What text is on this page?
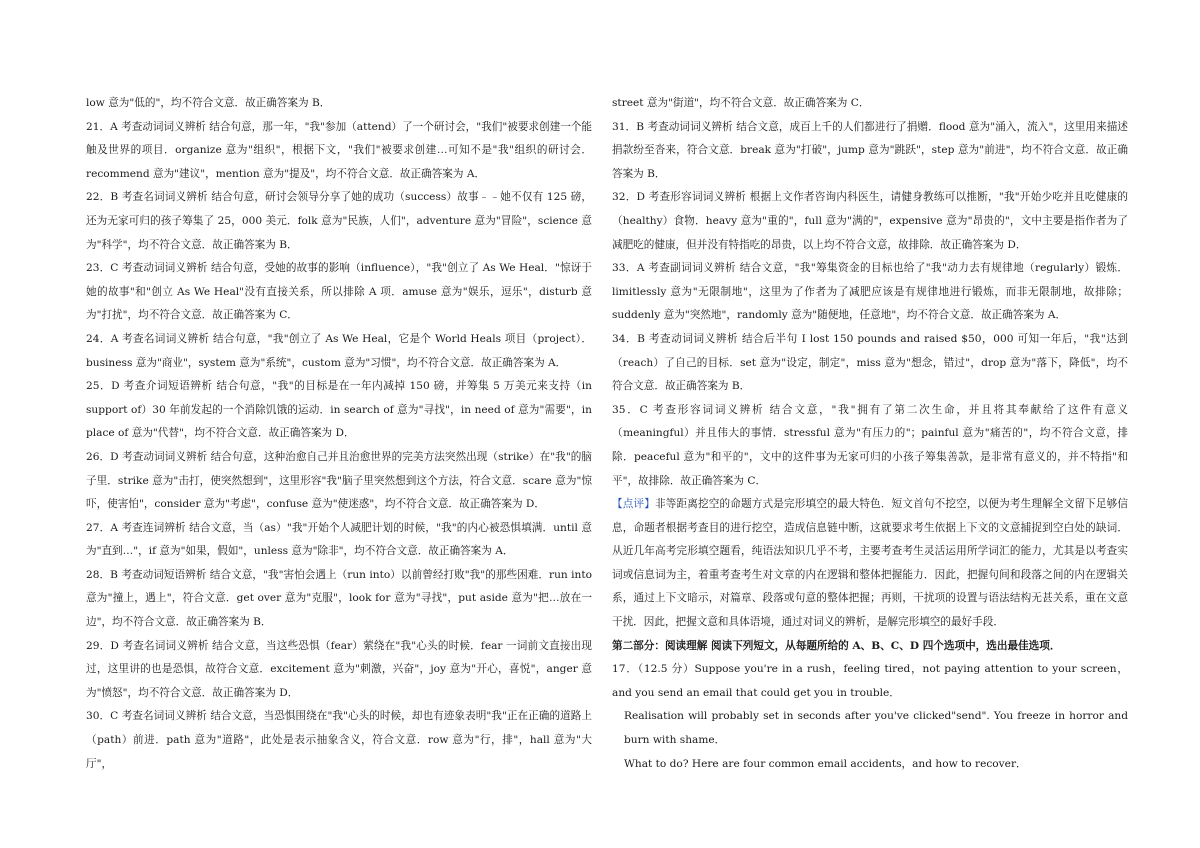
low 意为"低的"，均不符合文意．故正确答案为 B．

21．A 考查动词词义辨析 结合句意，那一年，"我"参加（attend）了一个研讨会，"我们"被要求创建一个能触及世界的项目．organize 意为"组织"，根据下文，"我们"被要求创建…可知不是"我"组织的研讨会．recommend 意为"建议"，mention 意为"提及"，均不符合文意．故正确答案为 A．

22．B 考查名词词义辨析 结合句意，研讨会领导分享了她的成功（success）故事﹣﹣她不仅有 125 磅，还为无家可归的孩子筹集了 25，000 美元．folk 意为"民族，人们"，adventure 意为"冒险"，science 意为"科学"，均不符合文意．故正确答案为 B．

23．C 考查动词词义辨析 结合句意，受她的故事的影响（influence），"我"创立了 As We Heal．"惊讶于她的故事"和"创立 As We Heal"没有直接关系，所以排除 A 项．amuse 意为"娱乐，逗乐"，disturb 意为"打扰"，均不符合文意．故正确答案为 C．

24．A 考查名词词义辨析 结合句意，"我"创立了 As We Heal，它是个 World Heals 项目（project）．business 意为"商业"，system 意为"系统"，custom 意为"习惯"，均不符合文意．故正确答案为 A．

25．D 考查介词短语辨析 结合句意，"我"的目标是在一年内减掉 150 磅，并筹集 5 万美元来支持（in support of）30 年前发起的一个消除饥饿的运动．in search of 意为"寻找"，in need of 意为"需要"，in place of 意为"代替"，均不符合文意．故正确答案为 D．

26．D 考查动词词义辨析 结合句意，这种治愈自己并且治愈世界的完美方法突然出现（strike）在"我"的脑子里．strike 意为"击打，使突然想到"，这里形容"我"脑子里突然想到这个方法，符合文意．scare 意为"惊吓，使害怕"，consider 意为"考虑"，confuse 意为"使迷惑"，均不符合文意．故正确答案为 D．

27．A 考查连词辨析 结合文意，当（as）"我"开始个人减肥计划的时候，"我"的内心被恐惧填满．until 意为"直到…"，if 意为"如果，假如"，unless 意为"除非"，均不符合文意．故正确答案为 A．

28．B 考查动词短语辨析 结合文意，"我"害怕会遇上（run into）以前曾经打败"我"的那些困难．run into 意为"撞上，遇上"，符合文意．get over 意为"克服"，look for 意为"寻找"，put aside 意为"把…放在一边"，均不符合文意．故正确答案为 B．

29．D 考查名词词义辨析 结合文意，当这些恐惧（fear）萦绕在"我"心头的时候．fear 一词前文直接出现过，这里讲的也是恐惧，故符合文意．excitement 意为"刺激，兴奋"，joy 意为"开心，喜悦"，anger 意为"愤怒"，均不符合文意．故正确答案为 D．

30．C 考查名词词义辨析 结合文意，当恐惧围绕在"我"心头的时候，却也有迹象表明"我"正在正确的道路上（path）前进．path 意为"道路"，此处是表示抽象含义，符合文意．row 意为"行，排"，hall 意为"大厅"，

street 意为"街道"，均不符合文意．故正确答案为 C．

31．B 考查动词词义辨析 结合文意，成百上千的人们都进行了捐赠．flood 意为"涌入，流入"，这里用来描述捐款纷至沓来，符合文意．break 意为"打破"，jump 意为"跳跃"，step 意为"前进"，均不符合文意．故正确答案为 B．

32．D 考查形容词词义辨析 根据上文作者咨询内科医生，请健身教练可以推断，"我"开始少吃并且吃健康的（healthy）食物．heavy 意为"重的"，full 意为"满的"，expensive 意为"昂贵的"，文中主要是指作者为了减肥吃的健康，但并没有特指吃的昂贵，以上均不符合文意，故排除．故正确答案为 D．

33．A 考查副词词义辨析 结合文意，"我"筹集资金的目标也给了"我"动力去有规律地（regularly）锻炼．limitlessly 意为"无限制地"，这里为了作者为了减肥应该是有规律地进行锻炼，而非无限制地，故排除；suddenly 意为"突然地"，randomly 意为"随便地，任意地"，均不符合文意．故正确答案为 A．

34．B 考查动词词义辨析 结合后半句 I lost 150 pounds and raised $50，000 可知一年后，"我"达到（reach）了自己的目标．set 意为"设定，制定"，miss 意为"想念，错过"，drop 意为"落下，降低"，均不符合文意．故正确答案为 B．

35．C 考查形容词词义辨析 结合文意，"我"拥有了第二次生命，并且将其奉献给了这件有意义（meaningful）并且伟大的事情．stressful 意为"有压力的"；painful 意为"痛苦的"，均不符合文意，排除．peaceful 意为"和平的"，文中的这件事为无家可归的小孩子筹集善款，是非常有意义的，并不特指"和平"，故排除．故正确答案为 C．

【点评】非等距离挖空的命题方式是完形填空的最大特色．短文首句不挖空，以便为考生理解全文留下足够信息，命题者根据考查目的进行挖空，造成信息链中断，这就要求考生依据上下文的文意捕捉到空白处的缺词．从近几年高考完形填空题看，纯语法知识几乎不考，主要考查考生灵活运用所学词汇的能力，尤其是以考查实词或信息词为主，着重考查考生对文章的内在逻辑和整体把握能力．因此，把握句间和段落之间的内在逻辑关系，通过上下文暗示，对篇章、段落或句意的整体把握；再则，干扰项的设置与语法结构无甚关系，重在文意干扰．因此，把握文意和具体语境，通过对词义的辨析，是解完形填空的最好手段．

第二部分：阅读理解 阅读下列短文，从每题所给的 A、B、C、D 四个选项中，选出最佳选项．

17．（12.5 分）Suppose you're in a rush，feeling tired，not paying attention to your screen，and you send an email that could get you in trouble．

Realisation will probably set in seconds after you've clicked"send". You freeze in horror and burn with shame．

What to do? Here are four common email accidents，and how to recover．
